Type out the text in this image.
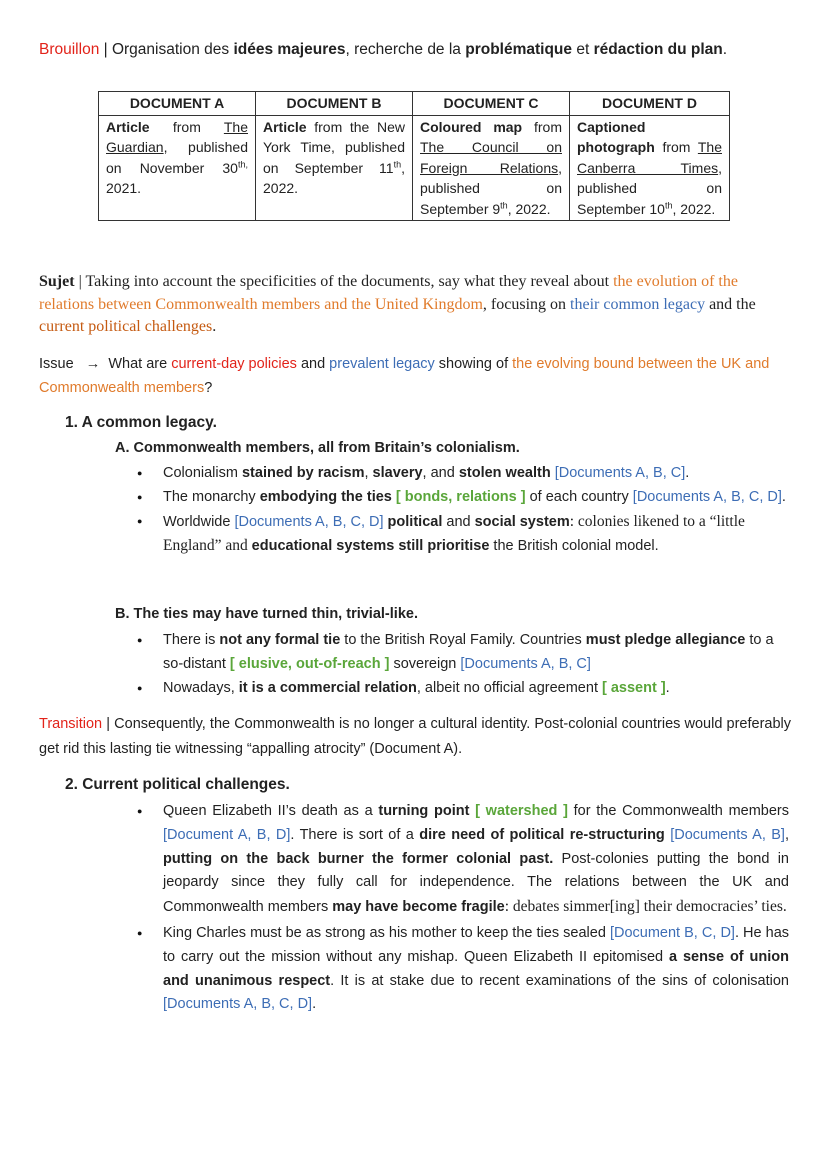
Brouillon | Organisation des idées majeures, recherche de la problématique et rédaction du plan.
DOCUMENT A	DOCUMENT B	DOCUMENT C	DOCUMENT D
Article from The Guardian, published on November $30^{th,}$ 2021.	Article from the New York Time, published on September 11th, 2022.	Coloured map from The Council on Foreign Relations, published on September 9th, 2022.	Captioned photograph from The Canberra Times, published on September 10th, 2022.
Sujet | Taking into account the specificities of the documents, say what they reveal about the evolution of the relations between Commonwealth members and the United Kingdom, focusing on their common legacy and the current political challenges.
Issue → What are current-day policies and prevalent legacy showing of the evolving bound between the UK and Commonwealth members?
1. A common legacy.
A. Commonwealth members, all from Britain’s colonialism.
● Colonialism stained by racism, slavery, and stolen wealth [Documents A, B, C].
● The monarchy embodying the ties [ bonds, relations ] of each country [Documents A, B, C, D].
● Worldwide [Documents A, B, C, D] political and social system: colonies likened to a “little England” and educational systems still prioritise the British colonial model.
B. The ties may have turned thin, trivial-like.
● There is not any formal tie to the British Royal Family. Countries must pledge allegiance to a so-distant [ elusive, out-of-reach ] sovereign [Documents A, B, C]
● Nowadays, it is a commercial relation, albeit no official agreement [ assent ].
Transition | Consequently, the Commonwealth is no longer a cultural identity. Post-colonial countries would preferably get rid this lasting tie witnessing “appalling atrocity” (Document A).
2. Current political challenges.
● Queen Elizabeth II’s death as a turning point [ watershed ] for the Commonwealth members [Document A, B, D]. There is sort of a dire need of political re-structuring [Documents A, B], putting on the back burner the former colonial past. Post-colonies putting the bond in jeopardy since they fully call for independence. The relations between the UK and Commonwealth members may have become fragile: debates simmer[ing] their democracies’ ties.
● King Charles must be as strong as his mother to keep the ties sealed [Document B, C, D]. He has to carry out the mission without any mishap. Queen Elizabeth II epitomised a sense of union and unanimous respect. It is at stake due to recent examinations of the sins of colonisation [Documents A, B, C, D].
